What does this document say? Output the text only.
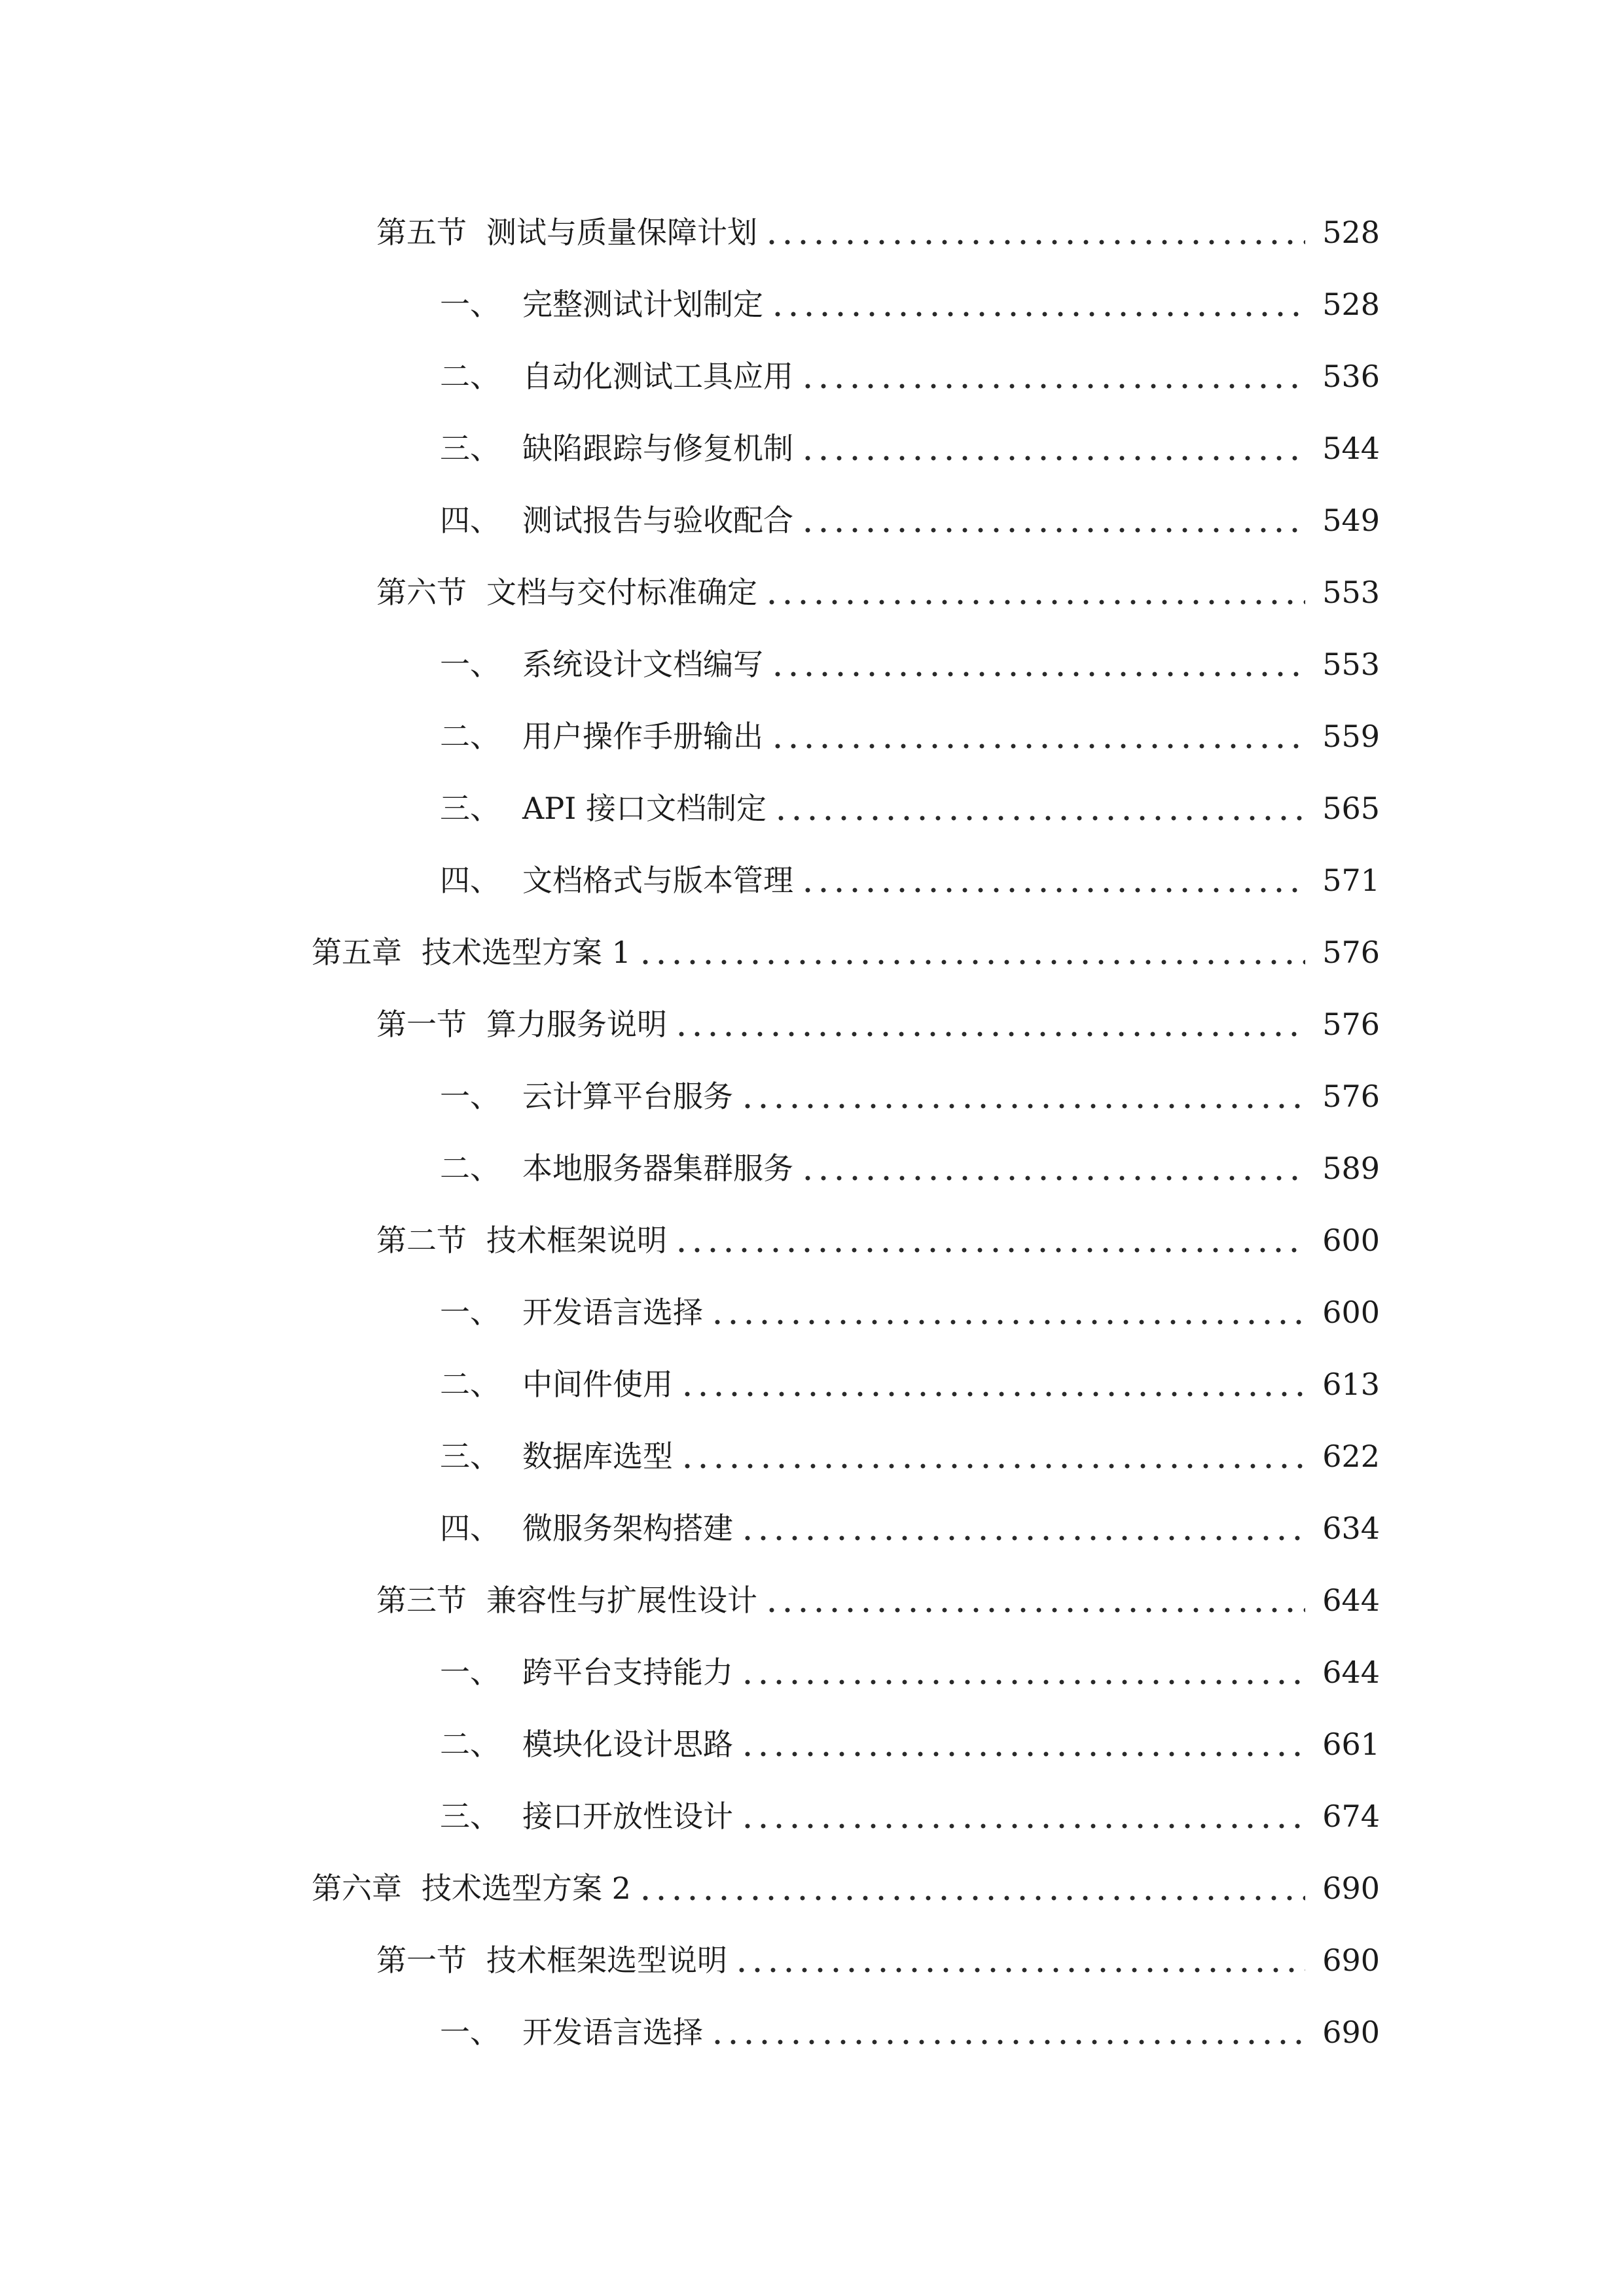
第五节 测试与质量保障计划	528
一、 完整测试计划制定	528
二、 自动化测试工具应用	536
三、 缺陷跟踪与修复机制	544
四、 测试报告与验收配合	549
第六节 文档与交付标准确定	553
一、 系统设计文档编写	553
二、 用户操作手册输出	559
三、 API 接口文档制定	565
四、 文档格式与版本管理	571
第五章 技术选型方案 1	576
第一节 算力服务说明	576
一、 云计算平台服务	576
二、 本地服务器集群服务	589
第二节 技术框架说明	600
一、 开发语言选择	600
二、 中间件使用	613
三、 数据库选型	622
四、 微服务架构搭建	634
第三节 兼容性与扩展性设计	644
一、 跨平台支持能力	644
二、 模块化设计思路	661
三、 接口开放性设计	674
第六章 技术选型方案 2	690
第一节 技术框架选型说明	690
一、 开发语言选择	690
